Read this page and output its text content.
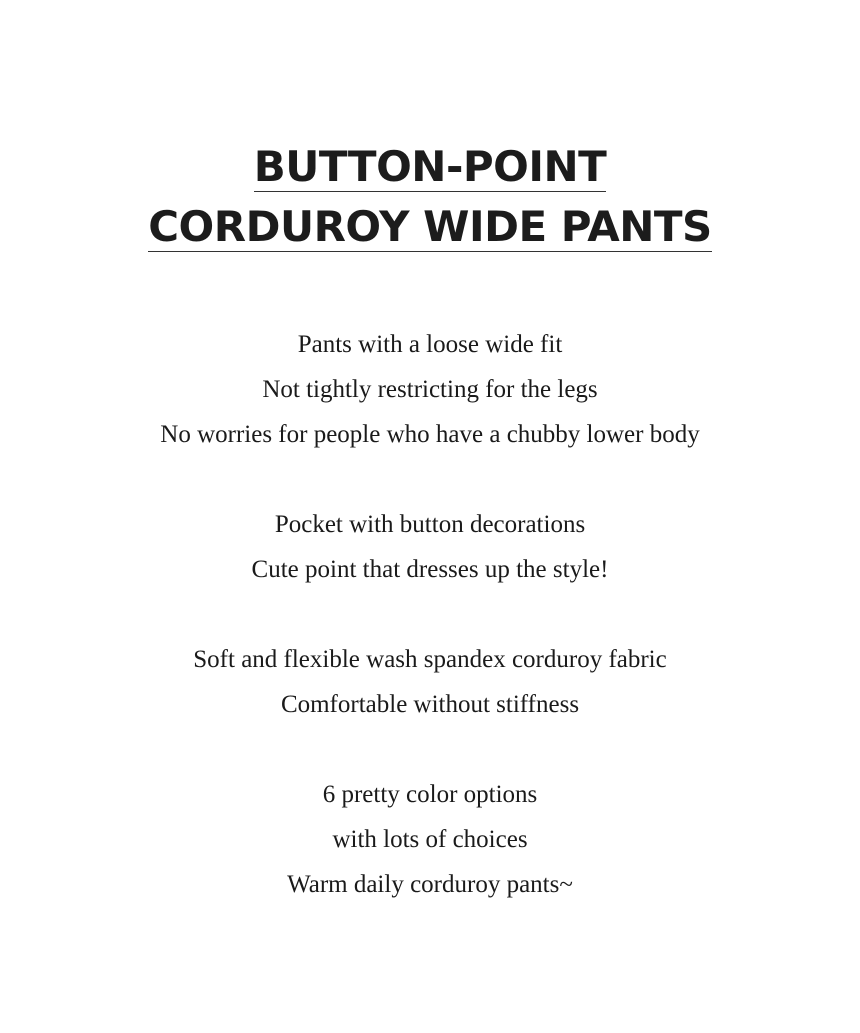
BUTTON-POINT
CORDUROY WIDE PANTS
Pants with a loose wide fit
Not tightly restricting for the legs
No worries for people who have a chubby lower body
Pocket with button decorations
Cute point that dresses up the style!
Soft and flexible wash spandex corduroy fabric
Comfortable without stiffness
6 pretty color options
with lots of choices
Warm daily corduroy pants~
